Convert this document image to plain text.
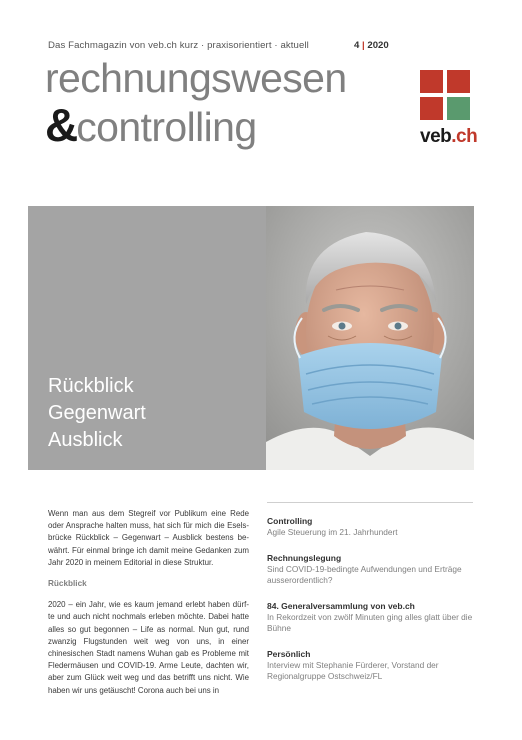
Das Fachmagazin von veb.ch kurz · praxisorientiert · aktuell	4 | 2020
rechnungswesen
&controlling	veb.ch
Rückblick
Gegenwart
Ausblick

Wenn man aus dem Stegreif vor Publikum eine Rede oder Ansprache halten muss, hat sich für mich die Esels-brücke Rückblick – Gegenwart – Ausblick bestens be-währt. Für einmal bringe ich damit meine Gedanken zum Jahr 2020 in meinem Editorial in diese Struktur.

Rückblick

2020 – ein Jahr, wie es kaum jemand erlebt haben dürf-te und auch nicht nochmals erleben möchte. Dabei hatte alles so gut begonnen – Life as normal. Nun gut, rund zwanzig Flugstunden weit weg von uns, in einer chinesischen Stadt namens Wuhan gab es Probleme mit Fledermäusen und COVID-19. Arme Leute, dachten wir, aber zum Glück weit weg und das betrifft uns nicht. Wie haben wir uns getäuscht! Corona auch bei uns in

Controlling
Agile Steuerung im 21. Jahrhundert
Rechnungslegung
Sind COVID-19-bedingte Aufwendungen und Erträge ausserordentlich?
84. Generalversammlung von veb.ch
In Rekordzeit von zwölf Minuten ging alles glatt über die Bühne
Persönlich
Interview mit Stephanie Fürderer, Vorstand der Regionalgruppe Ostschweiz/FL
